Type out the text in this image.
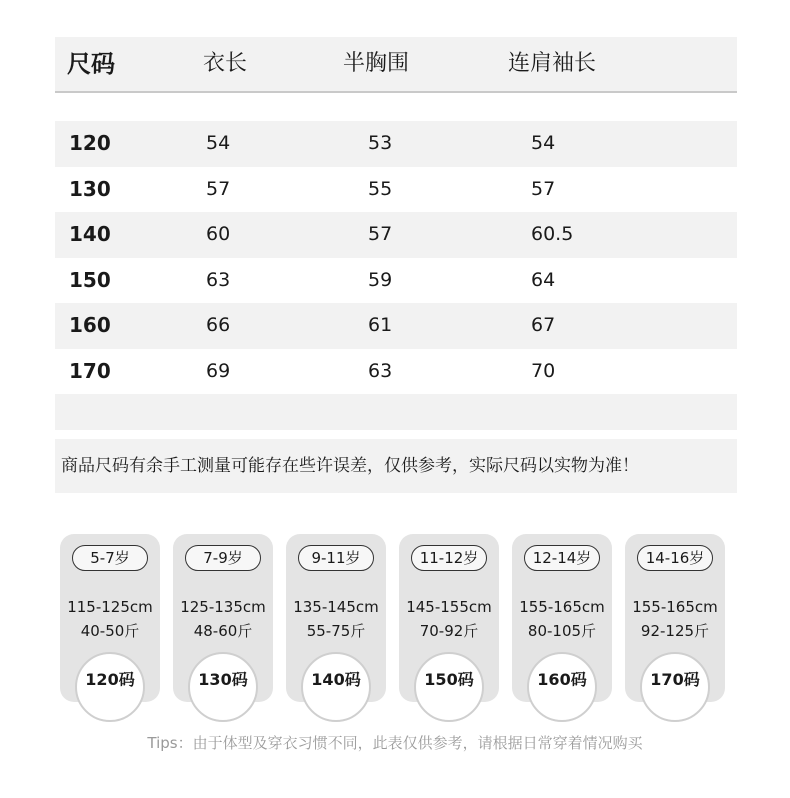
尺码	衣长	半胸围	连肩袖长
120	54	53	54
130	57	55	57
140	60	57	60.5
150	63	59	64
160	66	61	67
170	69	63	70
商品尺码有余手工测量可能存在些许误差，仅供参考，实际尺码以实物为准！
5-7岁
115-125cm
40-50斤
120码
7-9岁
125-135cm
48-60斤
130码
9-11岁
135-145cm
55-75斤
140码
11-12岁
145-155cm
70-92斤
150码
12-14岁
155-165cm
80-105斤
160码
14-16岁
155-165cm
92-125斤
170码
Tips：由于体型及穿衣习惯不同，此表仅供参考，请根据日常穿着情况购买
